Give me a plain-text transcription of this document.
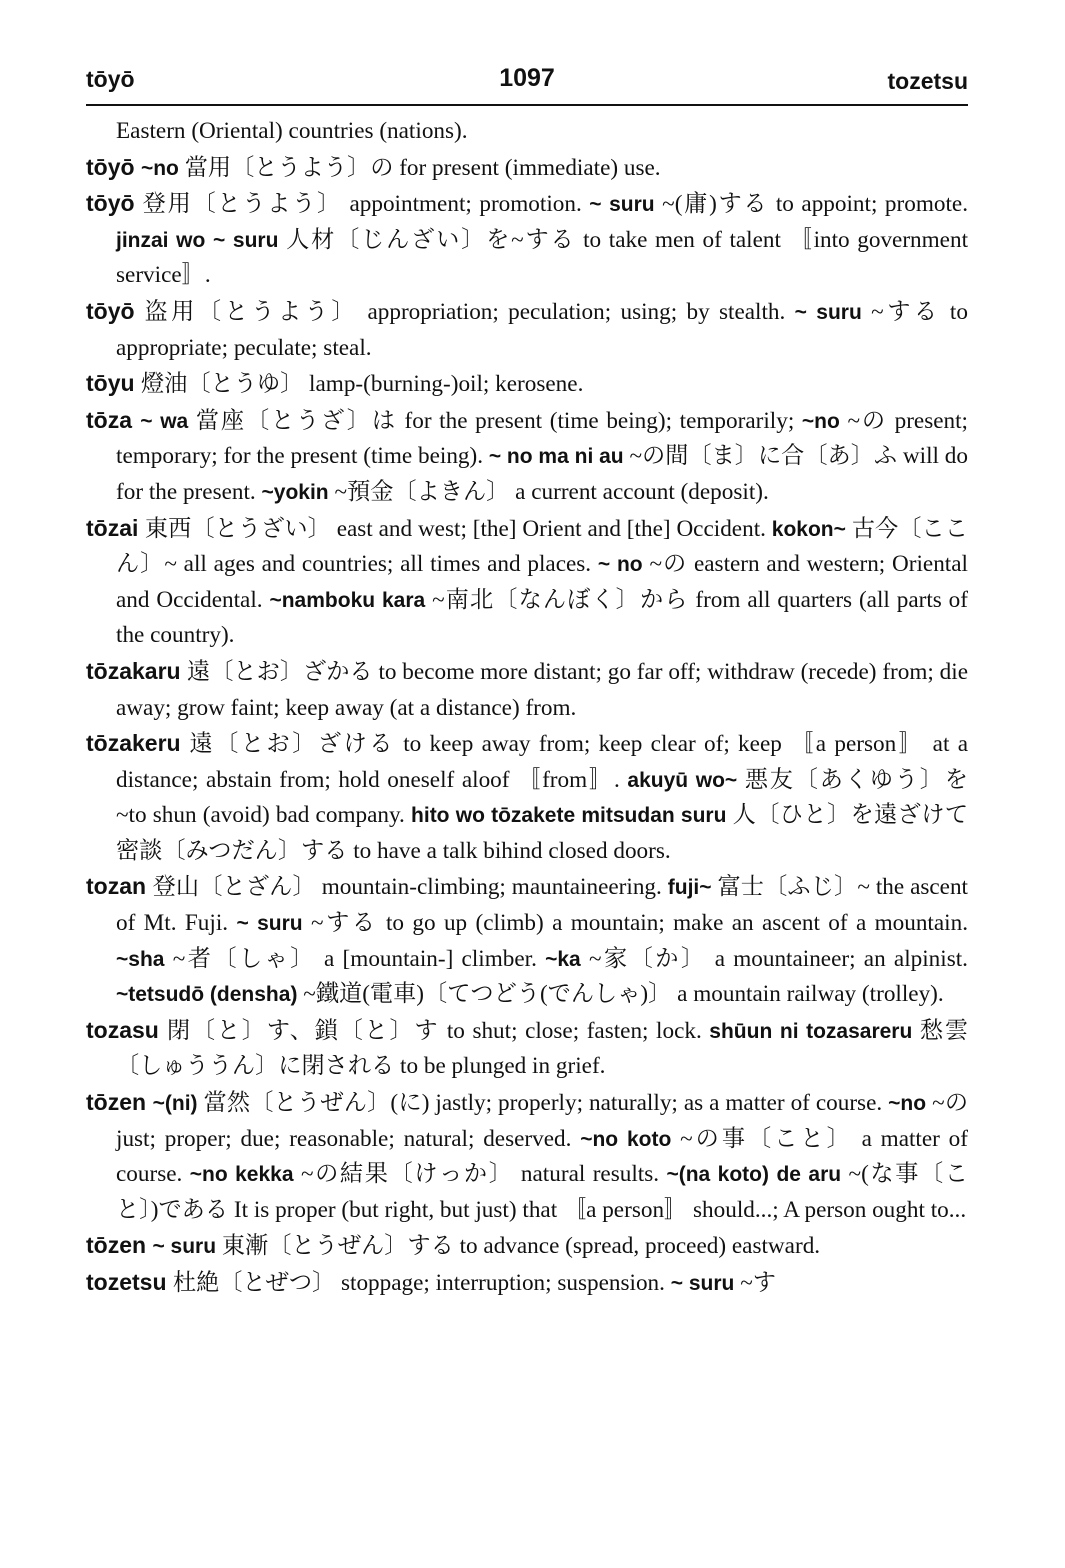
tōyō	1097	tozetsu

Eastern (Oriental) countries (nations).

tōyō ~no 當用〔とうよう〕の for present (immediate) use.

tōyō 登用〔とうよう〕 appointment; promotion. ~ suru ~(庸)する to appoint; promote. jinzai wo ~ suru 人材〔じんざい〕を~する to take men of talent 〚into government service〛.

tōyō 盗用〔とうよう〕 appropriation; peculation; using; by stealth. ~ suru ~する to appropriate; peculate; steal.

tōyu 燈油〔とうゆ〕 lamp-(burning-)oil; kerosene.

tōza ~ wa 當座〔とうざ〕は for the present (time being); temporarily; ~no ~の present; temporary; for the present (time being). ~ no ma ni au ~の間〔ま〕に合〔あ〕ふ will do for the present. ~yokin ~預金〔よきん〕 a current account (deposit).

tōzai 東西〔とうざい〕 east and west; [the] Orient and [the] Occident. kokon~ 古今〔ここん〕~ all ages and countries; all times and places. ~ no ~の eastern and western; Oriental and Occidental. ~namboku kara ~南北〔なんぼく〕から from all quarters (all parts of the country).

tōzakaru 遠〔とお〕ざかる to become more distant; go far off; withdraw (recede) from; die away; grow faint; keep away (at a distance) from.

tōzakeru 遠〔とお〕ざける to keep away from; keep clear of; keep 〚a person〛 at a distance; abstain from; hold oneself aloof 〚from〛. akuyū wo~ 悪友〔あくゆう〕を ~to shun (avoid) bad company. hito wo tōzakete mitsudan suru 人〔ひと〕を遠ざけて密談〔みつだん〕する to have a talk bihind closed doors.

tozan 登山〔とざん〕 mountain-climbing; mauntaineering. fuji~ 富士〔ふじ〕~ the ascent of Mt. Fuji. ~ suru ~する to go up (climb) a mountain; make an ascent of a mountain. ~sha ~者〔しゃ〕 a [mountain-] climber. ~ka ~家〔か〕 a mountaineer; an alpinist. ~tetsudō (densha) ~鐵道(電車)〔てつどう(でんしゃ)〕 a mountain railway (trolley).

tozasu 閉〔と〕す、鎖〔と〕す to shut; close; fasten; lock. shūun ni tozasareru 愁雲〔しゅううん〕に閉される to be plunged in grief.

tōzen ~(ni) 當然〔とうぜん〕(に) jastly; properly; naturally; as a matter of course. ~no ~の just; proper; due; reasonable; natural; deserved. ~no koto ~の事〔こと〕 a matter of course. ~no kekka ~の結果〔けっか〕 natural results. ~(na koto) de aru ~(な事〔こと〕)である It is proper (but right, but just) that 〚a person〛 should...; A person ought to...

tōzen ~ suru 東漸〔とうぜん〕する to advance (spread, proceed) eastward.

tozetsu 杜絶〔とぜつ〕 stoppage; interruption; suspension. ~ suru ~す
